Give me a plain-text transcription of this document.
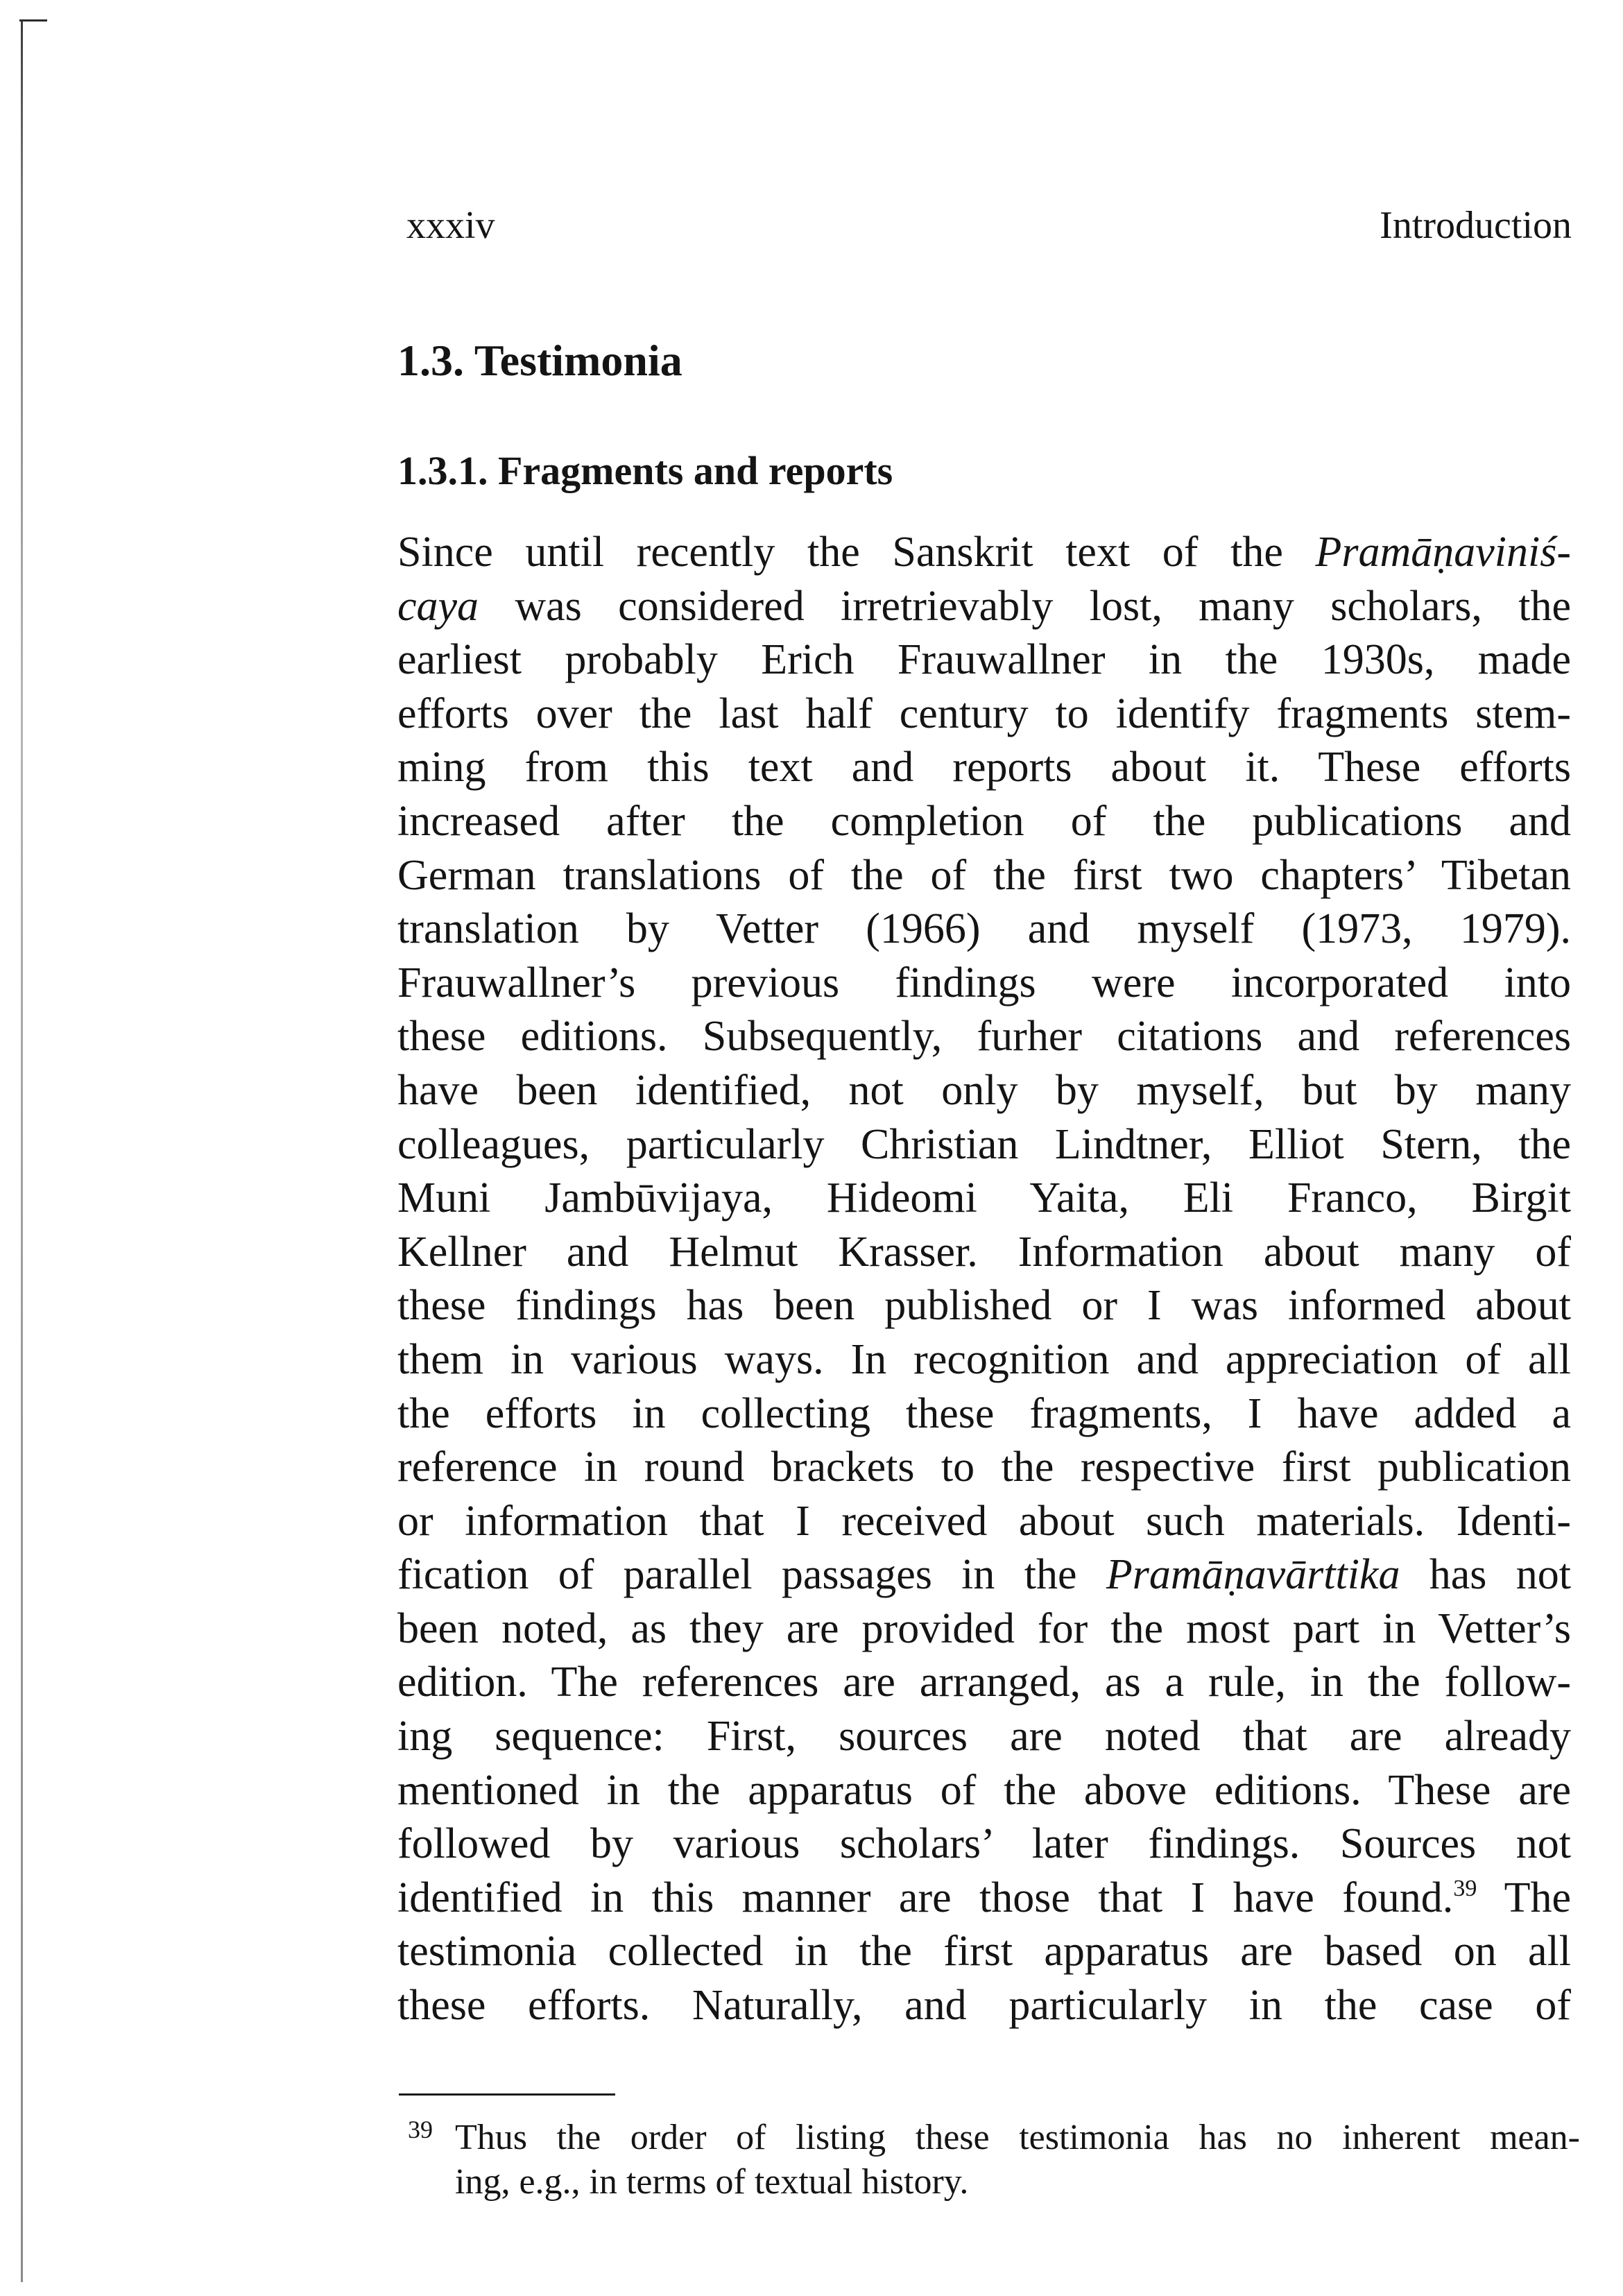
xxxiv	Introduction
1.3. Testimonia
1.3.1. Fragments and reports
Since until recently the Sanskrit text of the Pramāṇaviniś-
caya was considered irretrievably lost, many scholars, the
earliest probably Erich Frauwallner in the 1930s, made
efforts over the last half century to identify fragments stem-
ming from this text and reports about it. These efforts
increased after the completion of the publications and
German translations of the of the first two chapters’ Tibetan
translation by Vetter (1966) and myself (1973, 1979).
Frauwallner’s previous findings were incorporated into
these editions. Subsequently, furher citations and references
have been identified, not only by myself, but by many
colleagues, particularly Christian Lindtner, Elliot Stern, the
Muni Jambūvijaya, Hideomi Yaita, Eli Franco, Birgit
Kellner and Helmut Krasser. Information about many of
these findings has been published or I was informed about
them in various ways. In recognition and appreciation of all
the efforts in collecting these fragments, I have added a
reference in round brackets to the respective first publication
or information that I received about such materials. Identi-
fication of parallel passages in the Pramāṇavārttika has not
been noted, as they are provided for the most part in Vetter’s
edition. The references are arranged, as a rule, in the follow-
ing sequence: First, sources are noted that are already
mentioned in the apparatus of the above editions. These are
followed by various scholars’ later findings. Sources not
identified in this manner are those that I have found.$^{39}$ The
testimonia collected in the first apparatus are based on all
these efforts. Naturally, and particularly in the case of
39 Thus the order of listing these testimonia has no inherent mean-
ing, e.g., in terms of textual history.
